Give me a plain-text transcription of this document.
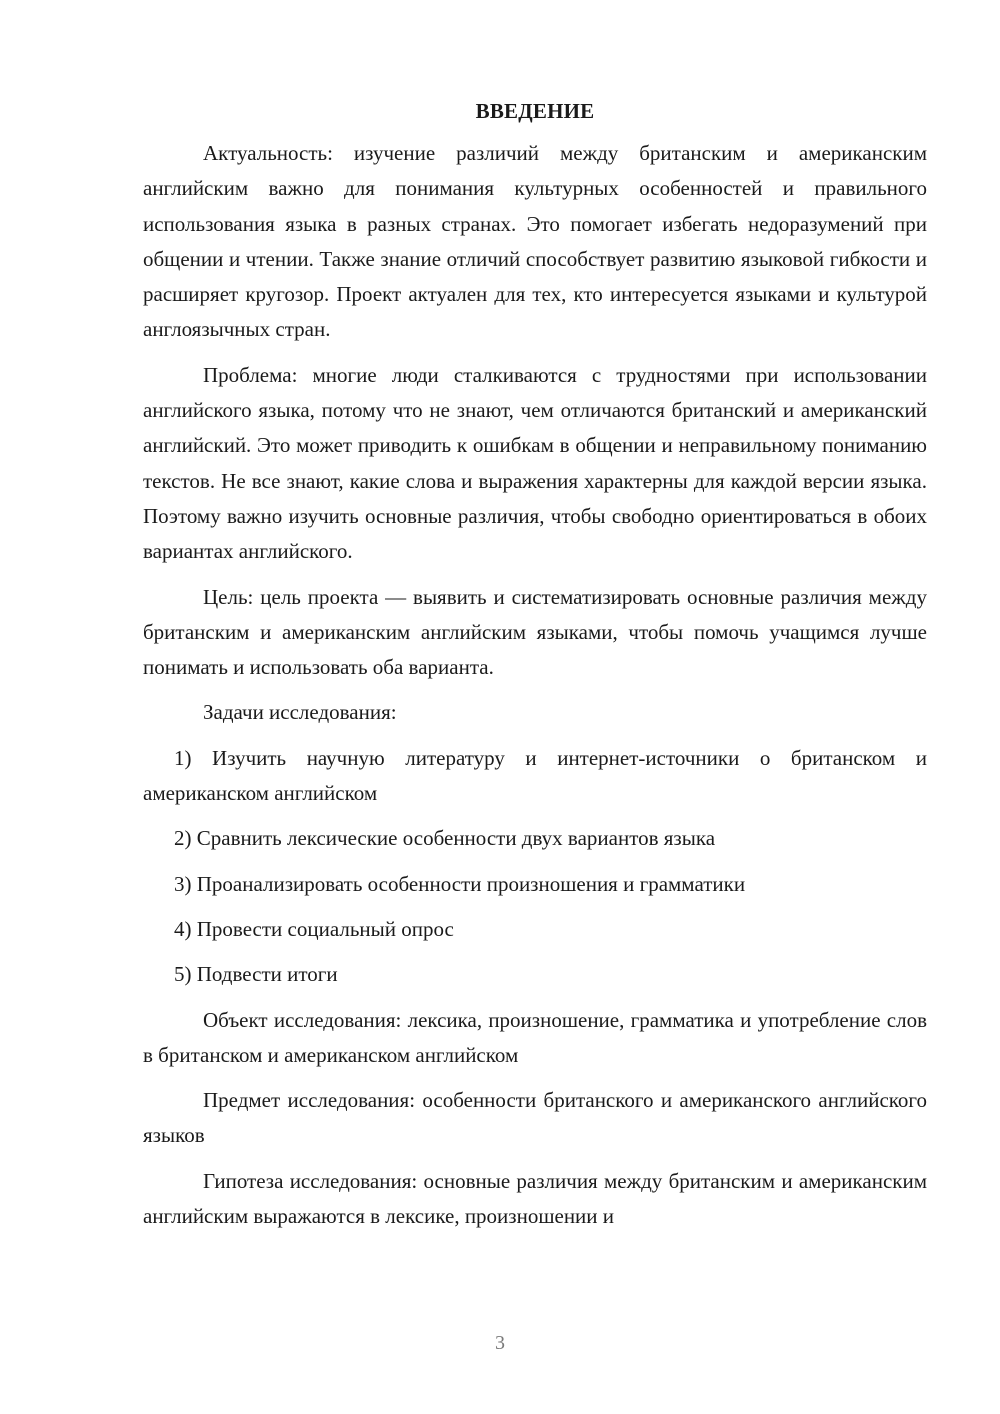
ВВЕДЕНИЕ

Актуальность: изучение различий между британским и американским английским важно для понимания культурных особенностей и правильного использования языка в разных странах. Это помогает избегать недоразумений при общении и чтении. Также знание отличий способствует развитию языковой гибкости и расширяет кругозор. Проект актуален для тех, кто интересуется языками и культурой англоязычных стран.

Проблема: многие люди сталкиваются с трудностями при использовании английского языка, потому что не знают, чем отличаются британский и американский английский. Это может приводить к ошибкам в общении и неправильному пониманию текстов. Не все знают, какие слова и выражения характерны для каждой версии языка. Поэтому важно изучить основные различия, чтобы свободно ориентироваться в обоих вариантах английского.

Цель: цель проекта — выявить и систематизировать основные различия между британским и американским английским языками, чтобы помочь учащимся лучше понимать и использовать оба варианта.

Задачи исследования:

1) Изучить научную литературу и интернет-источники о британском и американском английском

2) Сравнить лексические особенности двух вариантов языка

3) Проанализировать особенности произношения и грамматики

4) Провести социальный опрос

5) Подвести итоги

Объект исследования: лексика, произношение, грамматика и употребление слов в британском и американском английском

Предмет исследования: особенности британского и американского английского языков

Гипотеза исследования: основные различия между британским и американским английским выражаются в лексике, произношении и

3
